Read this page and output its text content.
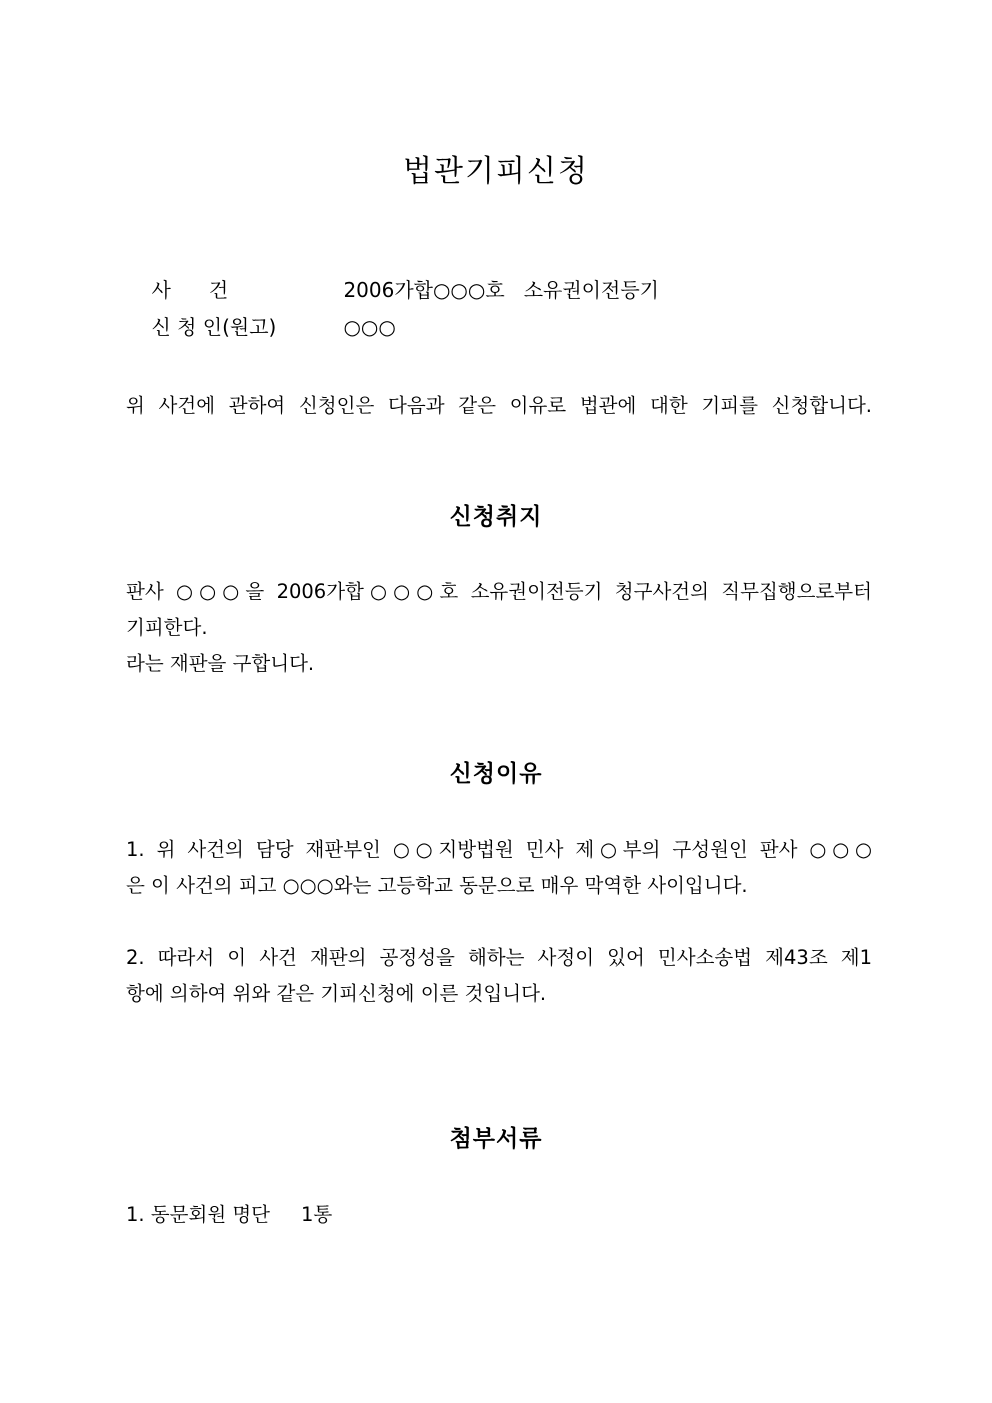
법관기피신청

사      건	2006가합○○○호   소유권이전등기

신 청 인(원고)	○○○

위 사건에 관하여 신청인은 다음과 같은 이유로 법관에 대한 기피를 신청합니다.
신청취지
판사 ○○○을 2006가합○○○호 소유권이전등기 청구사건의 직무집행으로부터
기피한다.
라는 재판을 구합니다.
신청이유
1. 위 사건의 담당 재판부인 ○○지방법원 민사 제○부의 구성원인 판사 ○○○
은 이 사건의 피고 ○○○와는 고등학교 동문으로 매우 막역한 사이입니다.
2. 따라서 이 사건 재판의 공정성을 해하는 사정이 있어 민사소송법 제43조 제1
항에 의하여 위와 같은 기피신청에 이른 것입니다.
첨부서류
1. 동문회원 명단     1통
